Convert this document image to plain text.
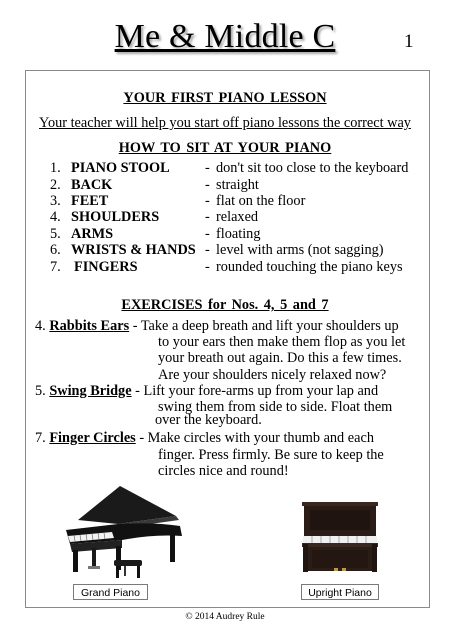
Me & Middle C	1
YOUR FIRST PIANO LESSON
Your teacher will help you start off piano lessons the correct way
HOW TO SIT AT YOUR PIANO
1. PIANO STOOL - don't sit too close to the keyboard
2. BACK	- straight
3. FEET	- flat on the floor
4. SHOULDERS	- relaxed
5. ARMS	- floating
6. WRISTS & HANDS - level with arms (not sagging)
7. FINGERS	- rounded touching the piano keys
EXERCISES for Nos. 4, 5 and 7
4. Rabbits Ears - Take a deep breath and lift your shoulders up
to your ears then make them flop as you let
your breath out again. Do this a few times.
Are your shoulders nicely relaxed now?
5. Swing Bridge - Lift your fore-arms up from your lap and
swing them from side to side. Float them
over the keyboard.
7. Finger Circles - Make circles with your thumb and each
finger. Press firmly. Be sure to keep the
circles nice and round!
Grand Piano	Upright Piano
© 2014 Audrey Rule
